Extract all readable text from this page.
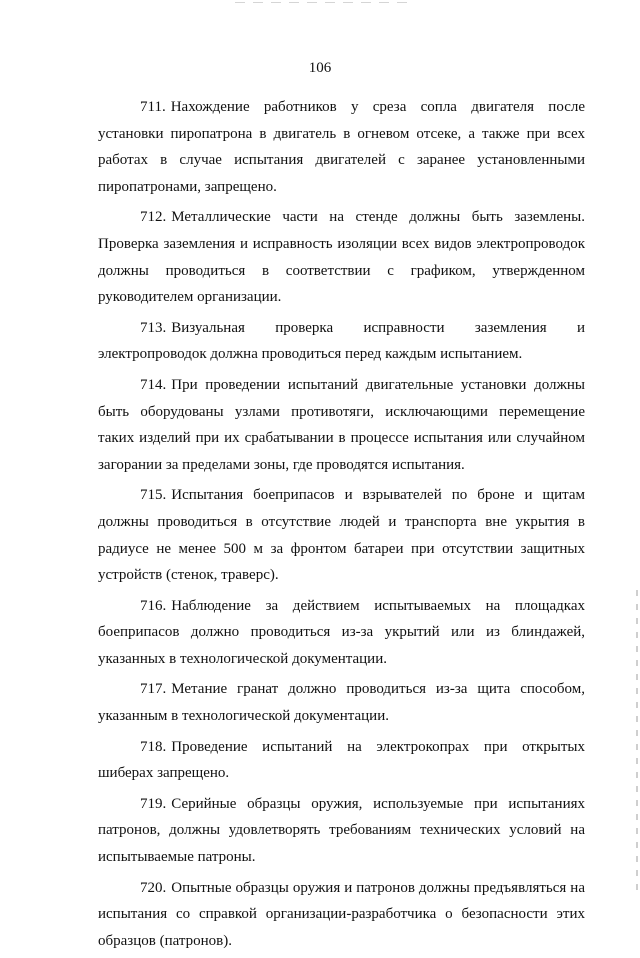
106

711. Нахождение работников у среза сопла двигателя после установки пиропатрона в двигатель в огневом отсеке, а также при всех работах в случае испытания двигателей с заранее установленными пиропатронами, запрещено.

712. Металлические части на стенде должны быть заземлены. Проверка заземления и исправность изоляции всех видов электропроводок должны проводиться в соответствии с графиком, утвержденном руководителем организации.

713. Визуальная проверка исправности заземления и электропроводок должна проводиться перед каждым испытанием.

714. При проведении испытаний двигательные установки должны быть оборудованы узлами противотяги, исключающими перемещение таких изделий при их срабатывании в процессе испытания или случайном загорании за пределами зоны, где проводятся испытания.

715. Испытания боеприпасов и взрывателей по броне и щитам должны проводиться в отсутствие людей и транспорта вне укрытия в радиусе не менее 500 м за фронтом батареи при отсутствии защитных устройств (стенок, траверс).

716. Наблюдение за действием испытываемых на площадках боеприпасов должно проводиться из-за укрытий или из блиндажей, указанных в технологической документации.

717. Метание гранат должно проводиться из-за щита способом, указанным в технологической документации.

718. Проведение испытаний на электрокопрах при открытых шиберах запрещено.

719. Серийные образцы оружия, используемые при испытаниях патронов, должны удовлетворять требованиям технических условий на испытываемые патроны.

720. Опытные образцы оружия и патронов должны предъявляться на испытания со справкой организации-разработчика о безопасности этих образцов (патронов).
